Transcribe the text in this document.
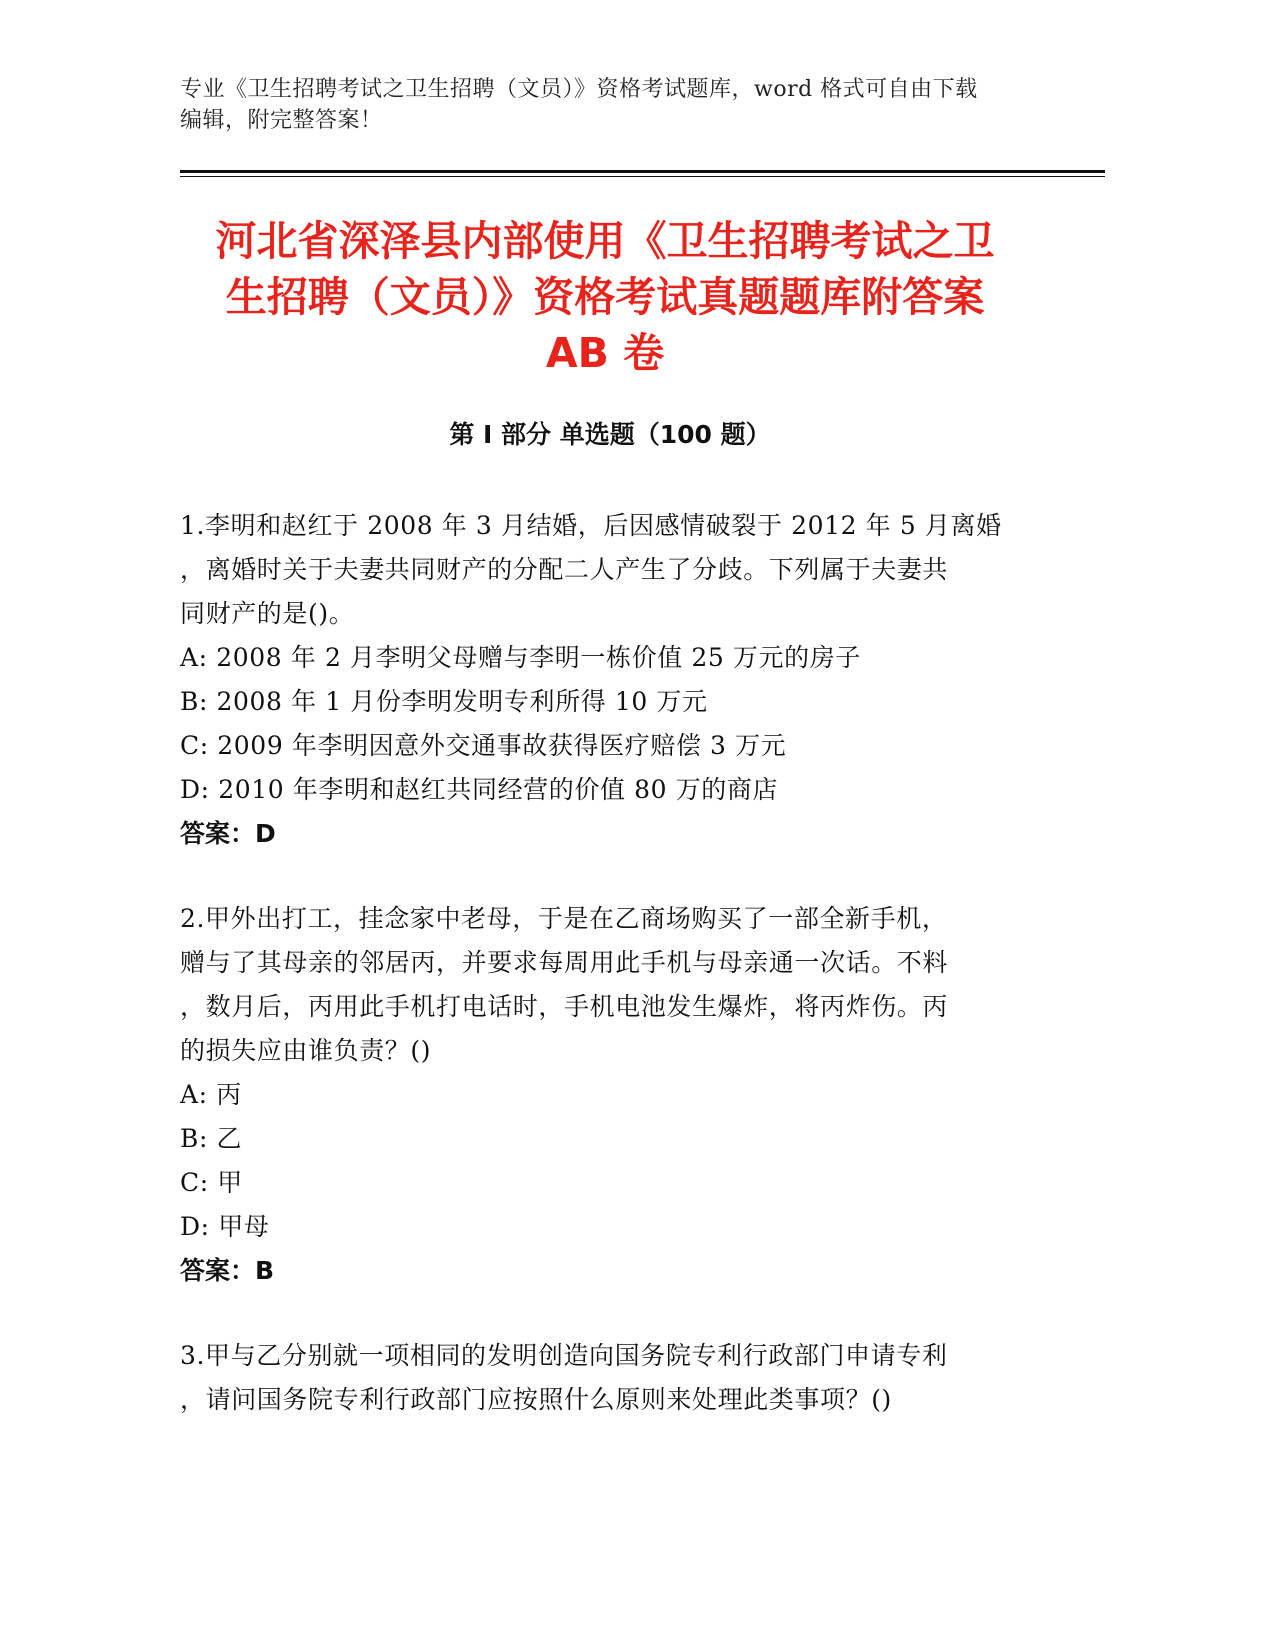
专业《卫生招聘考试之卫生招聘（文员）》资格考试题库，word 格式可自由下载
编辑，附完整答案！
河北省深泽县内部使用《卫生招聘考试之卫
生招聘（文员）》资格考试真题题库附答案
AB 卷
第 I 部分 单选题（100 题）
1.李明和赵红于 2008 年 3 月结婚，后因感情破裂于 2012 年 5 月离婚
，离婚时关于夫妻共同财产的分配二人产生了分歧。下列属于夫妻共
同财产的是()。
A: 2008 年 2 月李明父母赠与李明一栋价值 25 万元的房子
B: 2008 年 1 月份李明发明专利所得 10 万元
C: 2009 年李明因意外交通事故获得医疗赔偿 3 万元
D: 2010 年李明和赵红共同经营的价值 80 万的商店
答案：D
2.甲外出打工，挂念家中老母，于是在乙商场购买了一部全新手机，
赠与了其母亲的邻居丙，并要求每周用此手机与母亲通一次话。不料
，数月后，丙用此手机打电话时，手机电池发生爆炸，将丙炸伤。丙
的损失应由谁负责？()
A: 丙
B: 乙
C: 甲
D: 甲母
答案：B
3.甲与乙分别就一项相同的发明创造向国务院专利行政部门申请专利
，请问国务院专利行政部门应按照什么原则来处理此类事项？()
